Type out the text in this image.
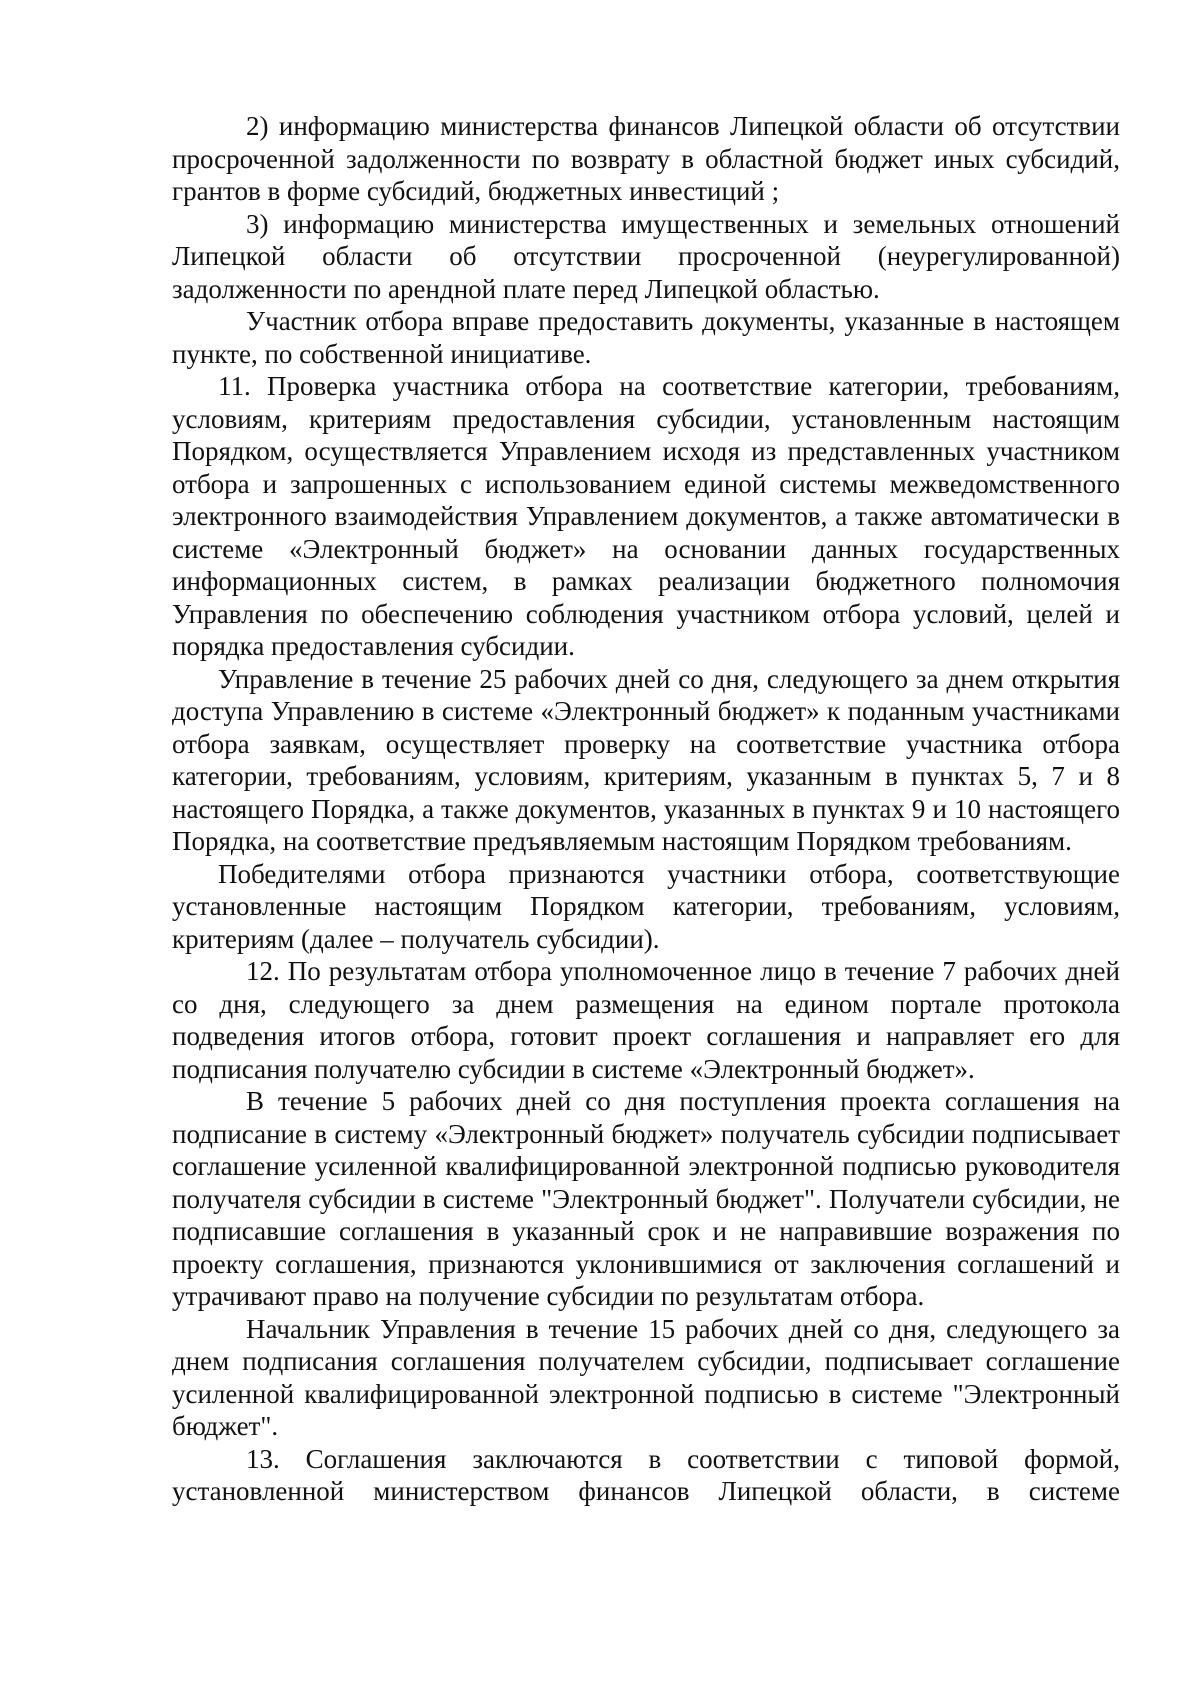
2) информацию министерства финансов Липецкой области об отсутствии просроченной задолженности по возврату в областной бюджет иных субсидий, грантов в форме субсидий, бюджетных инвестиций ;

3) информацию министерства имущественных и земельных отношений Липецкой области об отсутствии просроченной (неурегулированной) задолженности по арендной плате перед Липецкой областью.

Участник отбора вправе предоставить документы, указанные в настоящем пункте, по собственной инициативе.

11. Проверка участника отбора на соответствие категории, требованиям, условиям, критериям предоставления субсидии, установленным настоящим Порядком, осуществляется Управлением исходя из представленных участником отбора и запрошенных с использованием единой системы межведомственного электронного взаимодействия Управлением документов, а также автоматически в системе «Электронный бюджет» на основании данных государственных информационных систем, в рамках реализации бюджетного полномочия Управления по обеспечению соблюдения участником отбора условий, целей и порядка предоставления субсидии.

Управление в течение 25 рабочих дней со дня, следующего за днем открытия доступа Управлению в системе «Электронный бюджет» к поданным участниками отбора заявкам, осуществляет проверку на соответствие участника отбора категории, требованиям, условиям, критериям, указанным в пунктах 5, 7 и 8 настоящего Порядка, а также документов, указанных в пунктах 9 и 10 настоящего Порядка, на соответствие предъявляемым настоящим Порядком требованиям.

Победителями отбора признаются участники отбора, соответствующие установленные настоящим Порядком категории, требованиям, условиям, критериям (далее – получатель субсидии).

12. По результатам отбора уполномоченное лицо в течение 7 рабочих дней со дня, следующего за днем размещения на едином портале протокола подведения итогов отбора, готовит проект соглашения и направляет его для подписания получателю субсидии в системе «Электронный бюджет».

В течение 5 рабочих дней со дня поступления проекта соглашения на подписание в систему «Электронный бюджет» получатель субсидии подписывает соглашение усиленной квалифицированной электронной подписью руководителя получателя субсидии в системе "Электронный бюджет". Получатели субсидии, не подписавшие соглашения в указанный срок и не направившие возражения по проекту соглашения, признаются уклонившимися от заключения соглашений и утрачивают право на получение субсидии по результатам отбора.

Начальник Управления в течение 15 рабочих дней со дня, следующего за днем подписания соглашения получателем субсидии, подписывает соглашение усиленной квалифицированной электронной подписью в системе "Электронный бюджет".

13. Соглашения заключаются в соответствии с типовой формой, установленной министерством финансов Липецкой области, в системе
